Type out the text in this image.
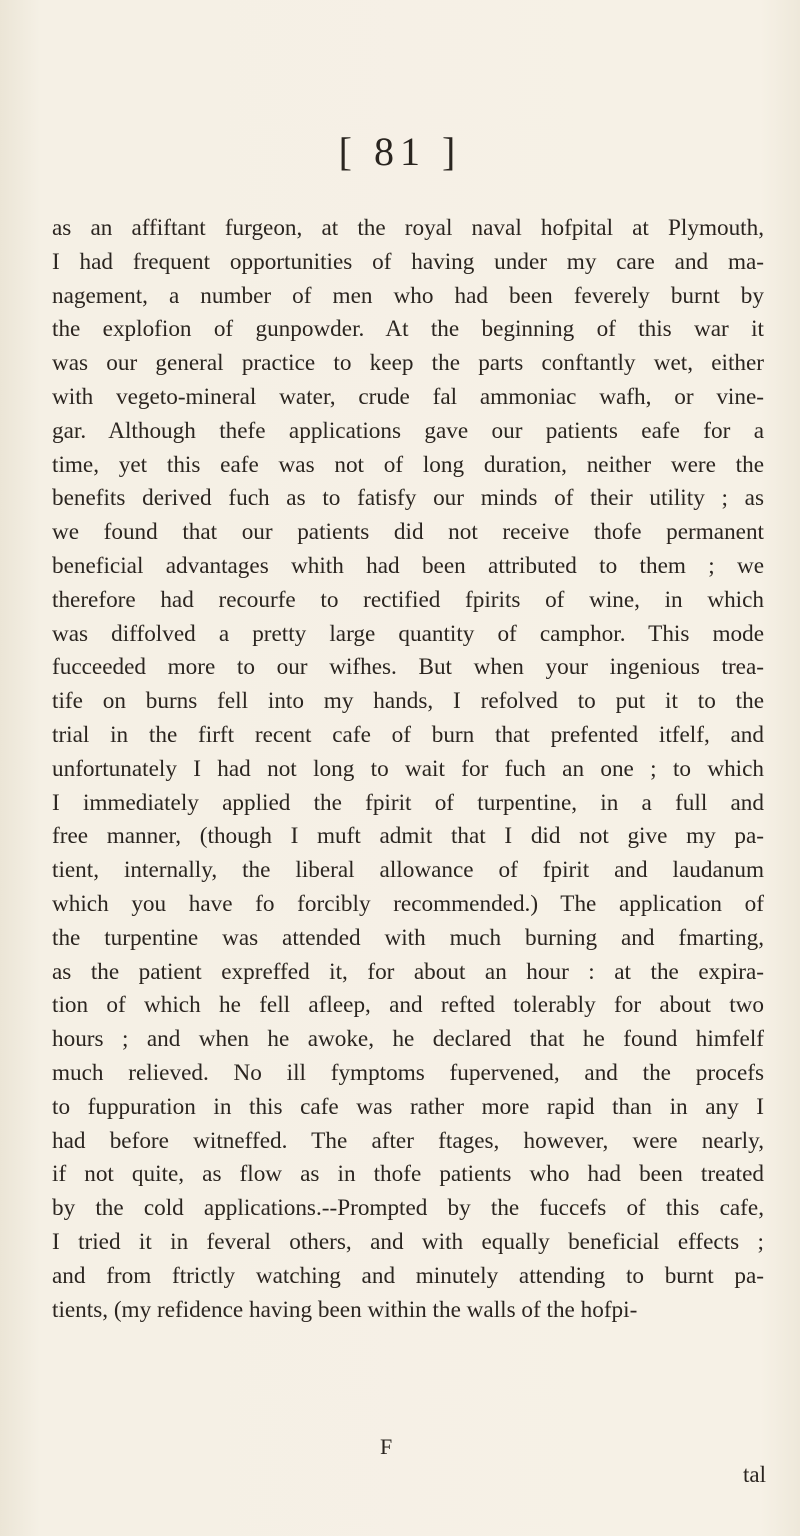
[ 81 ]
as an affiftant furgeon, at the royal naval hofpital at Plymouth,
I had frequent opportunities of having under my care and ma-
nagement, a number of men who had been feverely burnt by
the explofion of gunpowder. At the beginning of this war it
was our general practice to keep the parts conftantly wet, either
with vegeto-mineral water, crude fal ammoniac wafh, or vine-
gar. Although thefe applications gave our patients eafe for a
time, yet this eafe was not of long duration, neither were the
benefits derived fuch as to fatisfy our minds of their utility ; as
we found that our patients did not receive thofe permanent
beneficial advantages whith had been attributed to them ; we
therefore had recourfe to rectified fpirits of wine, in which
was diffolved a pretty large quantity of camphor. This mode
fucceeded more to our wifhes. But when your ingenious trea-
tife on burns fell into my hands, I refolved to put it to the
trial in the firft recent cafe of burn that prefented itfelf, and
unfortunately I had not long to wait for fuch an one ; to which
I immediately applied the fpirit of turpentine, in a full and
free manner, (though I muft admit that I did not give my pa-
tient, internally, the liberal allowance of fpirit and laudanum
which you have fo forcibly recommended.) The application of
the turpentine was attended with much burning and fmarting,
as the patient expreffed it, for about an hour : at the expira-
tion of which he fell afleep, and refted tolerably for about two
hours ; and when he awoke, he declared that he found himfelf
much relieved. No ill fymptoms fupervened, and the procefs
to fuppuration in this cafe was rather more rapid than in any I
had before witneffed. The after ftages, however, were nearly,
if not quite, as flow as in thofe patients who had been treated
by the cold applications.--Prompted by the fuccefs of this cafe,
I tried it in feveral others, and with equally beneficial effects ;
and from ftrictly watching and minutely attending to burnt pa-
tients, (my refidence having been within the walls of the hofpi-
F
tal
